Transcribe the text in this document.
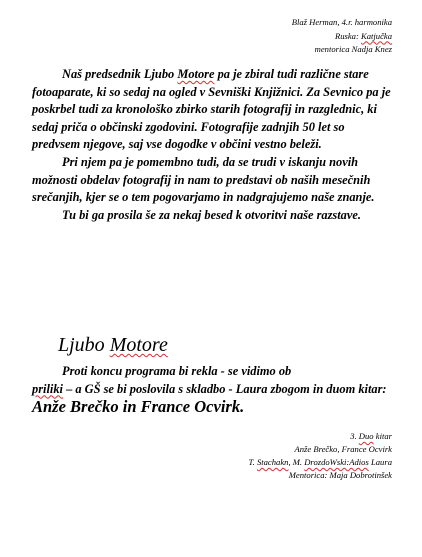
Blaž Herman, 4.r. harmonika
Ruska: Katjučka
mentorica Nadja Knez

Naš predsednik Ljubo Motore pa je zbiral tudi različne stare fotoaparate, ki so sedaj na ogled v Sevniški Knjižnici. Za Sevnico pa je poskrbel tudi za kronološko zbirko starih fotografij in razglednic, ki sedaj priča o občinski zgodovini. Fotografije zadnjih 50 let so predvsem njegove, saj vse dogodke v občini vestno beleži.

Pri njem pa je pomembno tudi, da se trudi v iskanju novih možnosti obdelav fotografij in nam to predstavi ob naših mesečnih srečanjih, kjer se o tem pogovarjamo in nadgrajujemo naše znanje.

Tu bi ga prosila še za nekaj besed k otvoritvi naše razstave.

Ljubo Motore

Proti koncu programa bi rekla - se vidimo ob

priliki – a GŠ se bi poslovila s skladbo - Laura zbogom in duom kitar: Anže Brečko in France Ocvirk.

3. Duo kitar
Anže Brečko, France Ocvirk
T. Stachakn, M. DrozdoWski:Adios Laura
Mentorica: Maja Dobrotinšek
